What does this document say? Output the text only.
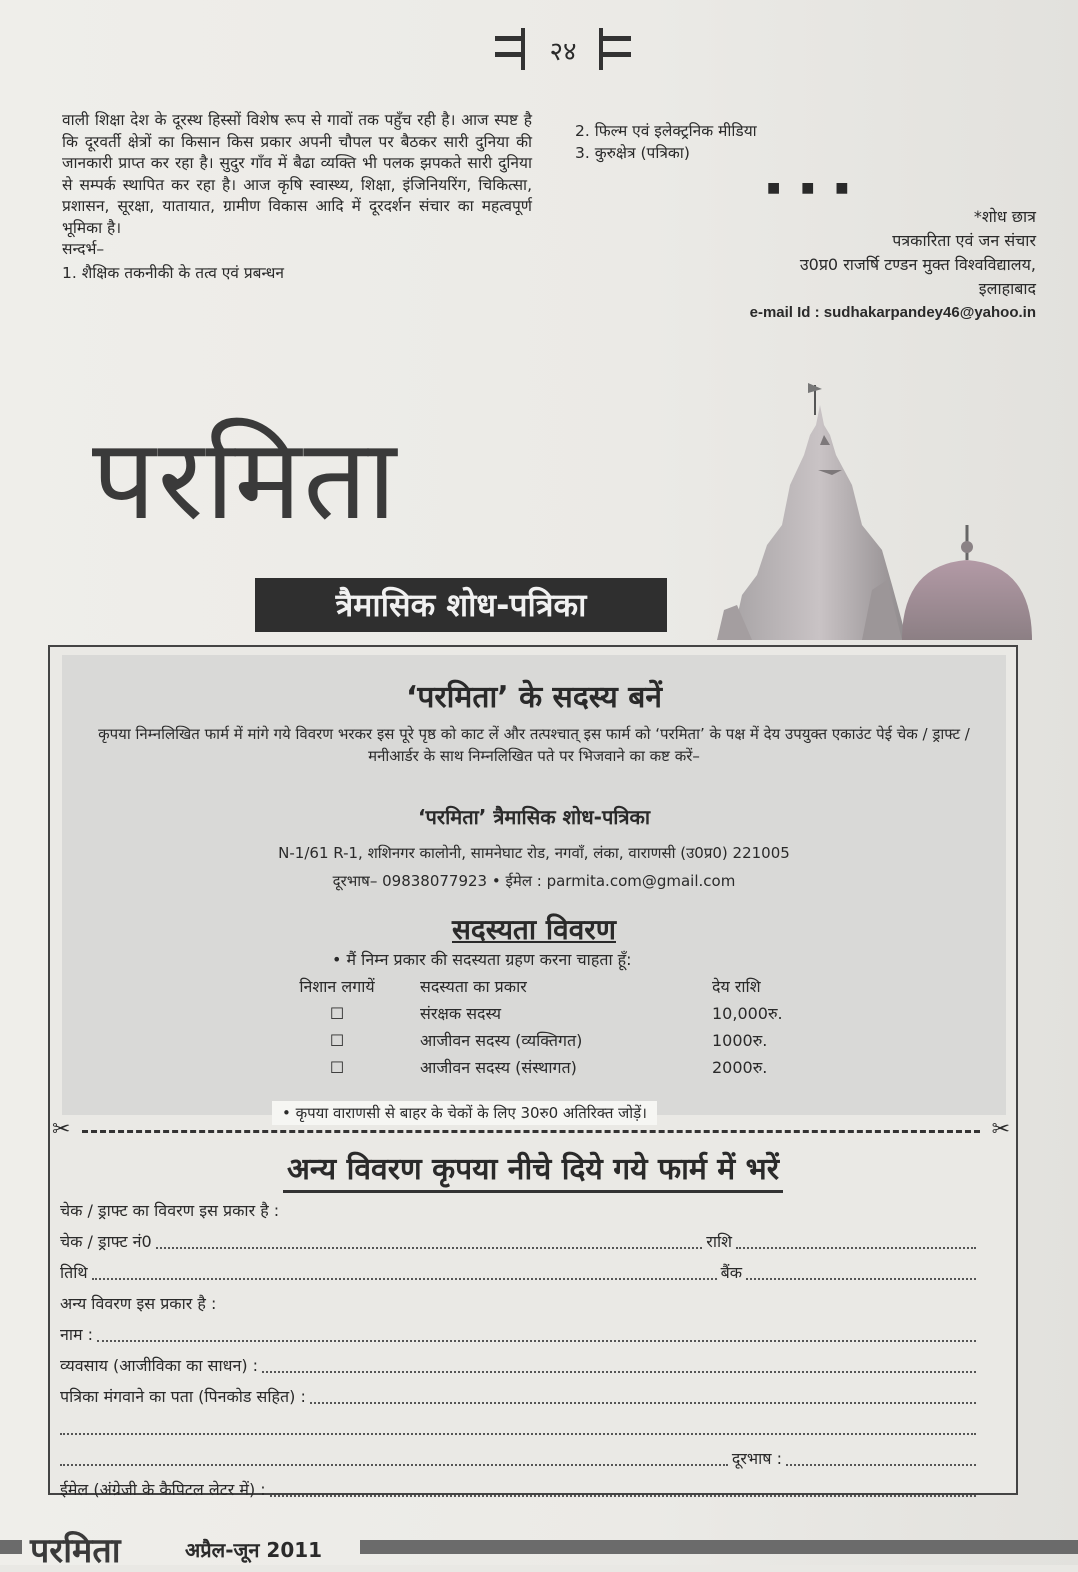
२४

वाली शिक्षा देश के दूरस्थ हिस्सों विशेष रूप से गावों तक पहुँच रही है। आज स्पष्ट है कि दूरवर्ती क्षेत्रों का किसान किस प्रकार अपनी चौपल पर बैठकर सारी दुनिया की जानकारी प्राप्त कर रहा है। सुदुर गाँव में बैढा व्यक्ति भी पलक झपकते सारी दुनिया से सम्पर्क स्थापित कर रहा है। आज कृषि स्वास्थ्य, शिक्षा, इंजिनियरिंग, चिकित्सा, प्रशासन, सूरक्षा, यातायात, ग्रामीण विकास आदि में दूरदर्शन संचार का महत्वपूर्ण भूमिका है।

सन्दर्भ–
1. शैक्षिक तकनीकी के तत्व एवं प्रबन्धन
2. फिल्म एवं इलेक्ट्रनिक मीडिया
3. कुरुक्षेत्र (पत्रिका)
■ ■ ■
*शोध छात्र
पत्रकारिता एवं जन संचार
उ0प्र0 राजर्षि टण्डन मुक्त विश्वविद्यालय,
इलाहाबाद
e-mail Id : sudhakarpandey46@yahoo.in
परमिता
त्रैमासिक शोध-पत्रिका
‘परमिता’ के सदस्य बनें
कृपया निम्नलिखित फार्म में मांगे गये विवरण भरकर इस पूरे पृष्ठ को काट लें और तत्पश्चात् इस फार्म को ‘परमिता’ के पक्ष में देय उपयुक्त एकाउंट पेई चेक / ड्राफ्ट / मनीआर्डर के साथ निम्नलिखित पते पर भिजवाने का कष्ट करें–
‘परमिता’ त्रैमासिक शोध-पत्रिका
N-1/61 R-1, शशिनगर कालोनी, सामनेघाट रोड, नगवाँ, लंका, वाराणसी (उ0प्र0) 221005
दूरभाष– 09838077923 • ईमेल : parmita.com@gmail.com
सदस्यता विवरण
• मैं निम्न प्रकार की सदस्यता ग्रहण करना चाहता हूँ:
निशान लगायें	सदस्यता का प्रकार	देय राशि
☐	संरक्षक सदस्य	10,000रु.
☐	आजीवन सदस्य (व्यक्तिगत)	1000रु.
☐	आजीवन सदस्य (संस्थागत)	2000रु.
• कृपया वाराणसी से बाहर के चेकों के लिए 30रु0 अतिरिक्त जोड़ें।
✂	✂
अन्य विवरण कृपया नीचे दिये गये फार्म में भरें
चेक / ड्राफ्ट का विवरण इस प्रकार है :
चेक / ड्राफ्ट नं0	राशि
तिथि	बैंक
अन्य विवरण इस प्रकार है :
नाम :
व्यवसाय (आजीविका का साधन) :
पत्रिका मंगवाने का पता (पिनकोड सहित) :
दूरभाष :
ईमेल (अंग्रेजी के कैपिटल लेटर में) :
परमिता	अप्रैल-जून 2011
